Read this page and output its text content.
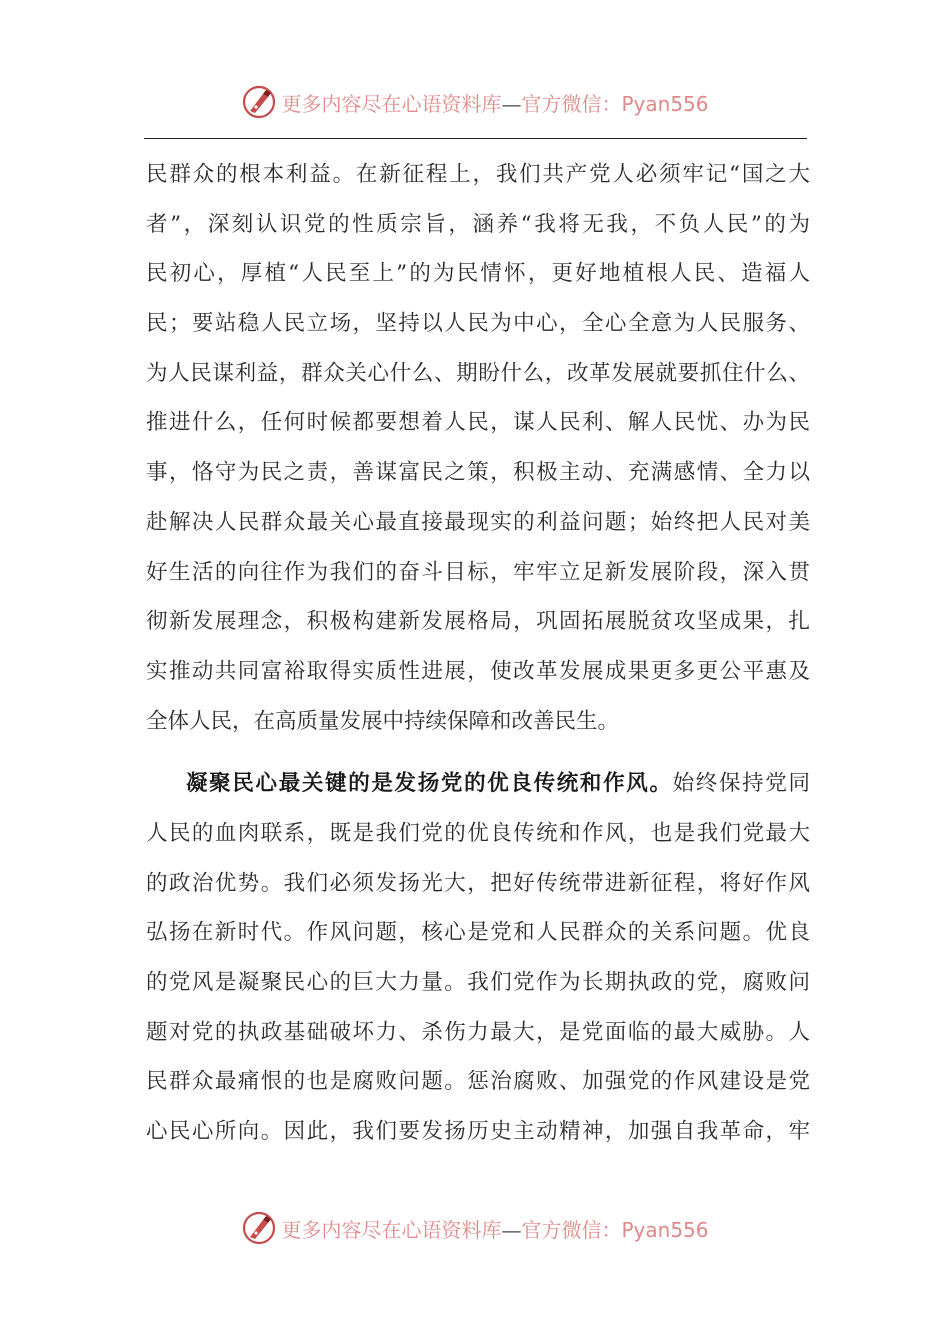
更多内容尽在心语资料库—官方微信：Pyan556

民群众的根本利益。在新征程上，我们共产党人必须牢记“国之大

者”，深刻认识党的性质宗旨，涵养“我将无我，不负人民”的为

民初心，厚植“人民至上”的为民情怀，更好地植根人民、造福人

民；要站稳人民立场，坚持以人民为中心，全心全意为人民服务、

为人民谋利益，群众关心什么、期盼什么，改革发展就要抓住什么、

推进什么，任何时候都要想着人民，谋人民利、解人民忧、办为民

事，恪守为民之责，善谋富民之策，积极主动、充满感情、全力以

赴解决人民群众最关心最直接最现实的利益问题；始终把人民对美

好生活的向往作为我们的奋斗目标，牢牢立足新发展阶段，深入贯

彻新发展理念，积极构建新发展格局，巩固拓展脱贫攻坚成果，扎

实推动共同富裕取得实质性进展，使改革发展成果更多更公平惠及

全体人民，在高质量发展中持续保障和改善民生。

凝聚民心最关键的是发扬党的优良传统和作风。始终保持党同

人民的血肉联系，既是我们党的优良传统和作风，也是我们党最大

的政治优势。我们必须发扬光大，把好传统带进新征程，将好作风

弘扬在新时代。作风问题，核心是党和人民群众的关系问题。优良

的党风是凝聚民心的巨大力量。我们党作为长期执政的党，腐败问

题对党的执政基础破坏力、杀伤力最大，是党面临的最大威胁。人

民群众最痛恨的也是腐败问题。惩治腐败、加强党的作风建设是党

心民心所向。因此，我们要发扬历史主动精神，加强自我革命，牢

更多内容尽在心语资料库—官方微信：Pyan556
